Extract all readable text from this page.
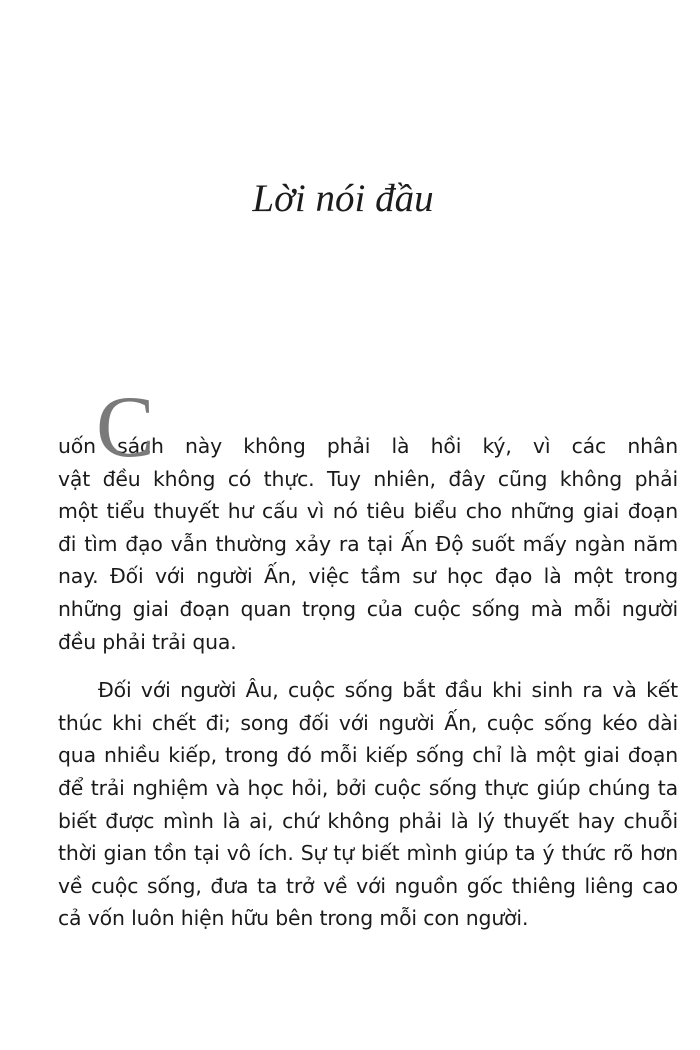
Lời nói đầu
C
uốn sách này không phải là hồi ký, vì các nhân
vật đều không có thực. Tuy nhiên, đây cũng không phải
một tiểu thuyết hư cấu vì nó tiêu biểu cho những giai đoạn
đi tìm đạo vẫn thường xảy ra tại Ấn Độ suốt mấy ngàn năm
nay. Đối với người Ấn, việc tầm sư học đạo là một trong
những giai đoạn quan trọng của cuộc sống mà mỗi người
đều phải trải qua.
Đối với người Âu, cuộc sống bắt đầu khi sinh ra và kết
thúc khi chết đi; song đối với người Ấn, cuộc sống kéo dài
qua nhiều kiếp, trong đó mỗi kiếp sống chỉ là một giai đoạn
để trải nghiệm và học hỏi, bởi cuộc sống thực giúp chúng ta
biết được mình là ai, chứ không phải là lý thuyết hay chuỗi
thời gian tồn tại vô ích. Sự tự biết mình giúp ta ý thức rõ hơn
về cuộc sống, đưa ta trở về với nguồn gốc thiêng liêng cao
cả vốn luôn hiện hữu bên trong mỗi con người.
